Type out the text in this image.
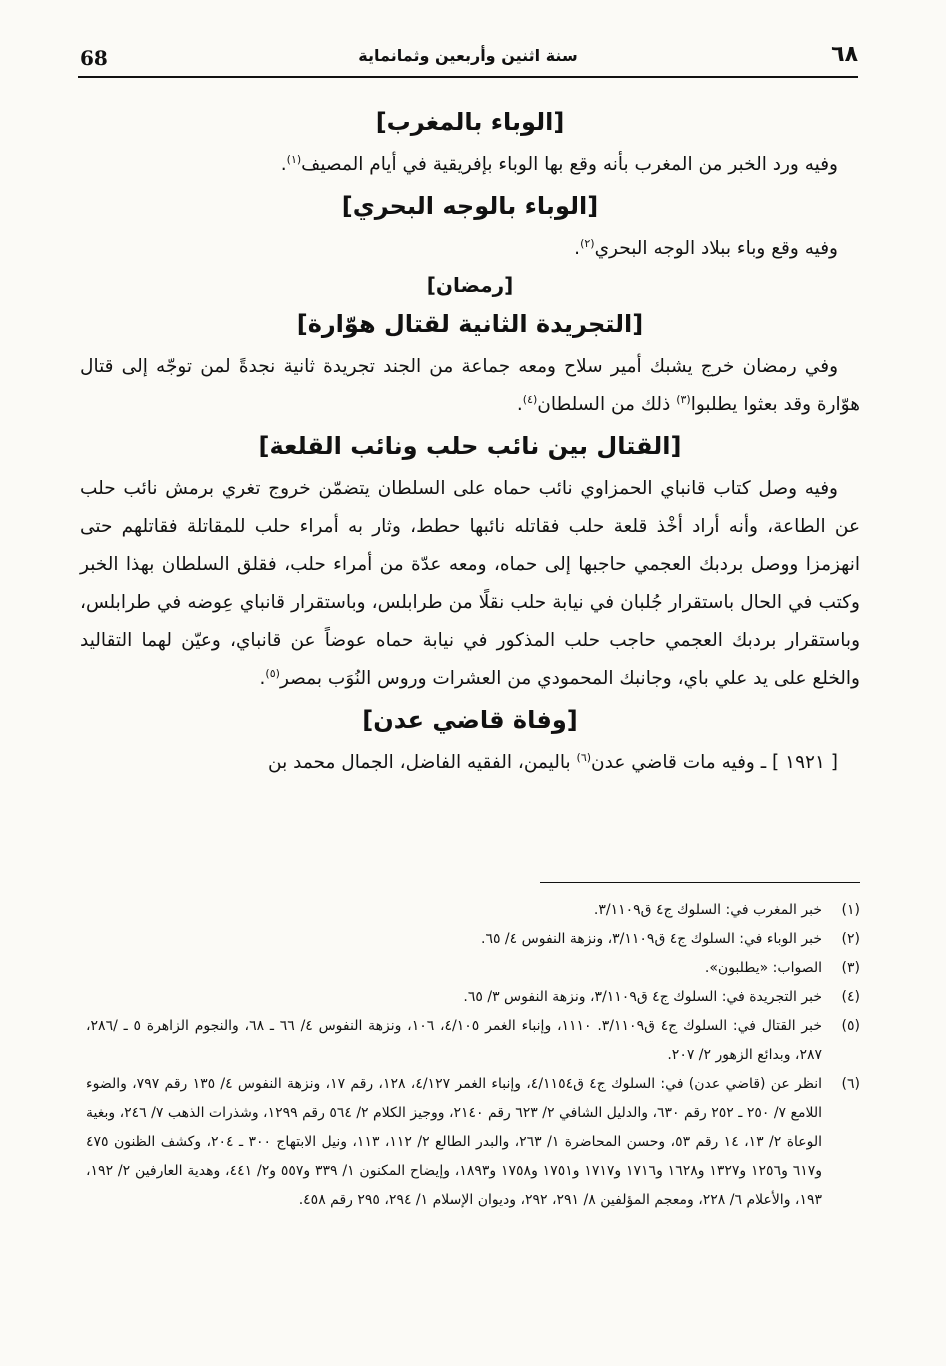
68	سنة اثنين وأربعين وثمانماية	٦٨
[الوباء بالمغرب]

وفيه ورد الخبر من المغرب بأنه وقع بها الوباء بإفريقية في أيام المصيف$^{(١)}$.

[الوباء بالوجه البحري]

وفيه وقع وباء ببلاد الوجه البحري$^{(٢)}$.

[رمضان]
[التجريدة الثانية لقتال هوّارة]

وفي رمضان خرج يشبك أمير سلاح ومعه جماعة من الجند تجريدة ثانية نجدةً لمن توجّه إلى قتال هوّارة وقد بعثوا يطلبوا$^{(٣)}$ ذلك من السلطان$^{(٤)}$.

[القتال بين نائب حلب ونائب القلعة]

وفيه وصل كتاب قانباي الحمزاوي نائب حماه على السلطان يتضمّن خروج تغري برمش نائب حلب عن الطاعة، وأنه أراد أخْذ قلعة حلب فقاتله نائبها حطط، وثار به أمراء حلب للمقاتلة فقاتلهم حتى انهزمزا ووصل بردبك العجمي حاجبها إلى حماه، ومعه عدّة من أمراء حلب، فقلق السلطان بهذا الخبر وكتب في الحال باستقرار جُلبان في نيابة حلب نقلًا من طرابلس، وباستقرار قانباي عِوضه في طرابلس، وباستقرار بردبك العجمي حاجب حلب المذكور في نيابة حماه عوضاً عن قانباي، وعيّن لهما التقاليد والخلع على يد علي باي، وجانبك المحمودي من العشرات وروس النُوَب بمصر$^{(٥)}$.

[وفاة قاضي عدن]

[ ١٩٢١ ] ـ وفيه مات قاضي عدن$^{(٦)}$ باليمن، الفقيه الفاضل، الجمال محمد بن

(١)
خبر المغرب في: السلوك ج٤ ق٣/١١٠٩.
(٢)
خبر الوباء في: السلوك ج٤ ق٣/١١٠٩، ونزهة النفوس ٤/ ٦٥.
(٣)
الصواب: «يطلبون».
(٤)
خبر التجريدة في: السلوك ج٤ ق٣/١١٠٩، ونزهة النفوس ٣/ ٦٥.
(٥)
خبر القتال في: السلوك ج٤ ق٣/١١٠٩. ١١١٠، وإنباء الغمر ٤/١٠٥، ١٠٦، ونزهة النفوس ٤/ ٦٦ ـ ٦٨، والنجوم الزاهرة ٥ ـ /٢٨٦، ٢٨٧، وبدائع الزهور ٢/ ٢٠٧.
(٦)
انظر عن (قاضي عدن) في: السلوك ج٤ ق٤/١١٥٤، وإنباء الغمر ٤/١٢٧، ١٢٨، رقم ١٧، ونزهة النفوس ٤/ ١٣٥ رقم ٧٩٧، والضوء اللامع ٧/ ٢٥٠ ـ ٢٥٢ رقم ٦٣٠، والدليل الشافي ٢/ ٦٢٣ رقم ٢١٤٠، ووجيز الكلام ٢/ ٥٦٤ رقم ١٢٩٩، وشذرات الذهب ٧/ ٢٤٦، وبغية الوعاة ٢/ ١٣، ١٤ رقم ٥٣، وحسن المحاضرة ١/ ٢٦٣، والبدر الطالع ٢/ ١١٢، ١١٣، ونيل الابتهاج ٣٠٠ ـ ٢٠٤، وكشف الظنون ٤٧٥ و٦١٧ و١٢٥٦ و١٣٢٧ و١٦٢٨ و١٧١٦ و١٧١٧ و١٧٥١ و١٧٥٨ و١٨٩٣، وإيضاح المكنون ١/ ٣٣٩ و٥٥٧ و٢/ ٤٤١، وهدية العارفين ٢/ ١٩٢، ١٩٣، والأعلام ٦/ ٢٢٨، ومعجم المؤلفين ٨/ ٢٩١، ٢٩٢، وديوان الإسلام ١/ ٢٩٤، ٢٩٥ رقم ٤٥٨.
